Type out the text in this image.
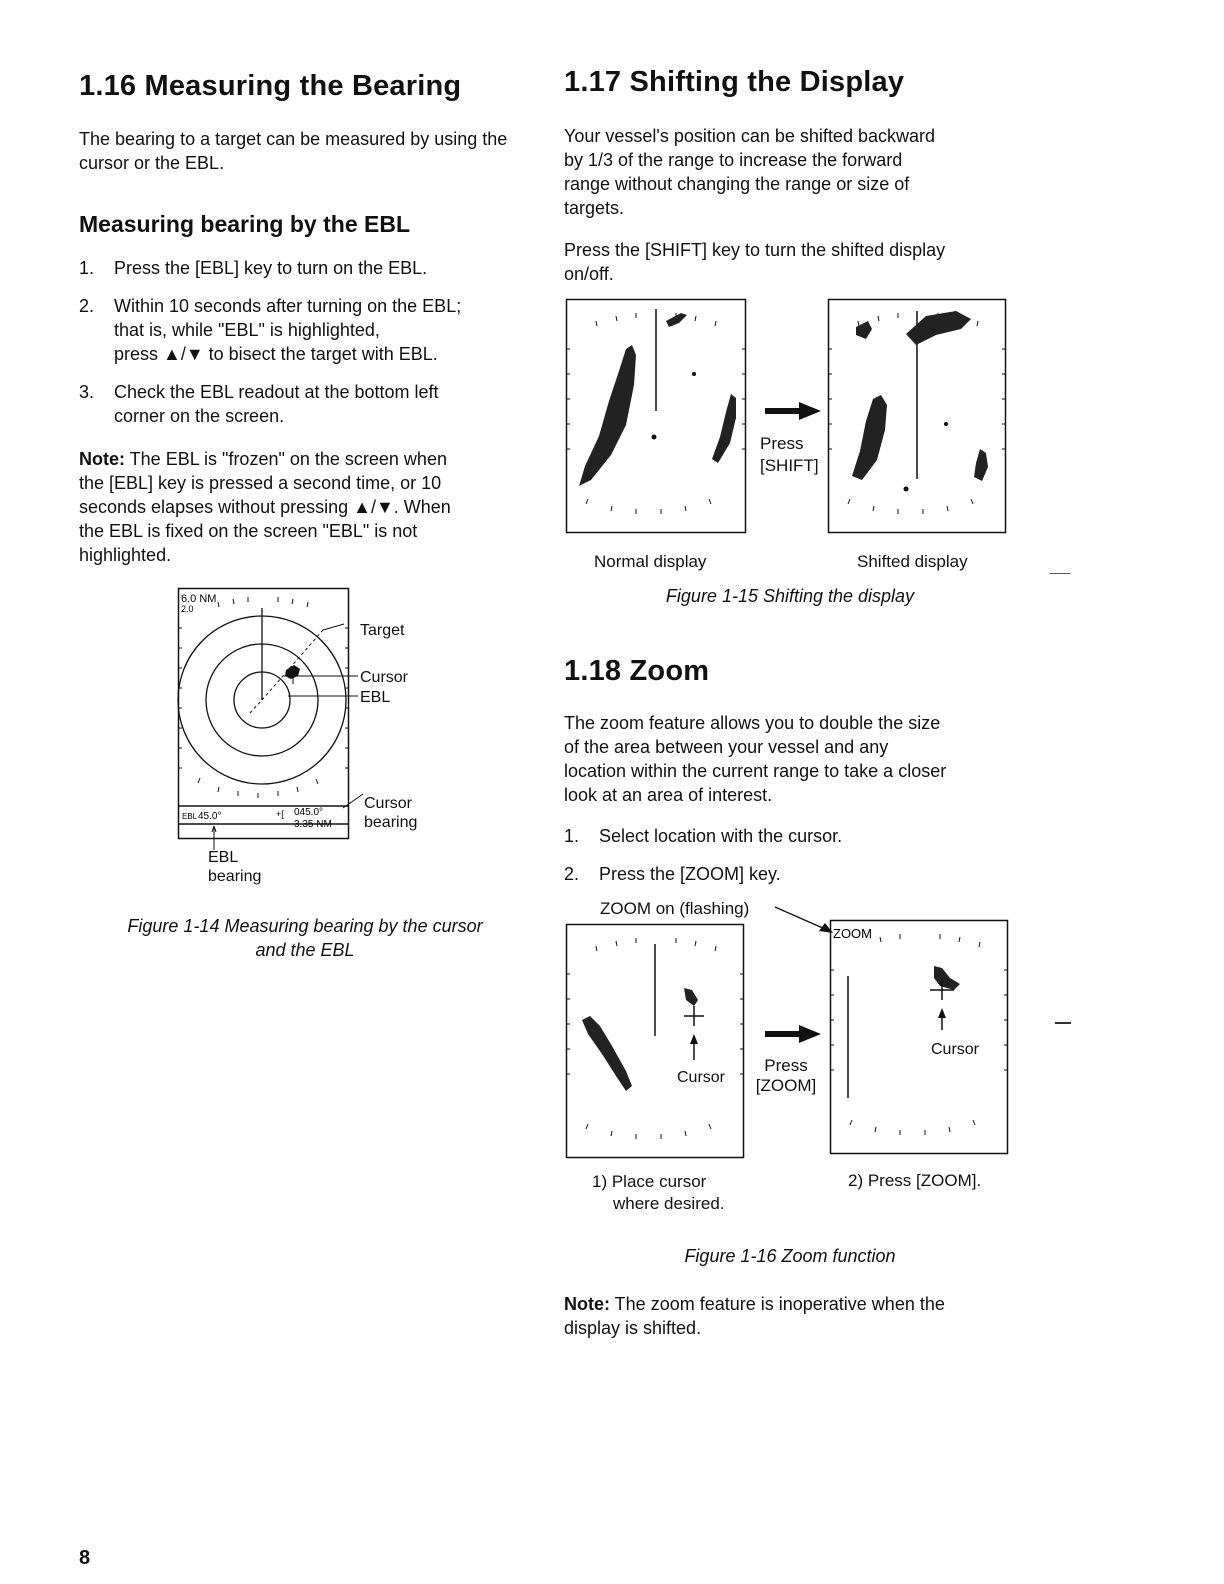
1.16 Measuring the Bearing

The bearing to a target can be measured by using the cursor or the EBL.

Measuring bearing by the EBL
1. Press the [EBL] key to turn on the EBL.
2. Within 10 seconds after turning on the EBL;
that is, while "EBL" is highlighted,
press ▲/▼ to bisect the target with EBL.
3. Check the EBL readout at the bottom left
corner on the screen.
Note: The EBL is "frozen" on the screen when
the [EBL] key is pressed a second time, or 10
seconds elapses without pressing ▲/▼. When
the EBL is fixed on the screen "EBL" is not
highlighted.
EBL 45.0°	+[ 045.0°
3.35 NM
6.0 NM
2.0
Target
Cursor
EBL
Cursor
bearing
EBL
bearing
Figure 1-14 Measuring bearing by the cursor
and the EBL
8
1.17 Shifting the Display
Your vessel's position can be shifted backward
by 1/3 of the range to increase the forward
range without changing the range or size of
targets.
Press the [SHIFT] key to turn the shifted display
on/off.
Press
[SHIFT]
Normal display	Shifted display
Figure 1-15 Shifting the display
1.18 Zoom
The zoom feature allows you to double the size
of the area between your vessel and any
location within the current range to take a closer
look at an area of interest.
1. Select location with the cursor.
2. Press the [ZOOM] key.
ZOOM on (flashing)
Cursor
Press
[ZOOM]
ZOOM
Cursor
1) Place cursor
where desired.
2) Press [ZOOM].
Figure 1-16 Zoom function
Note: The zoom feature is inoperative when the
display is shifted.
